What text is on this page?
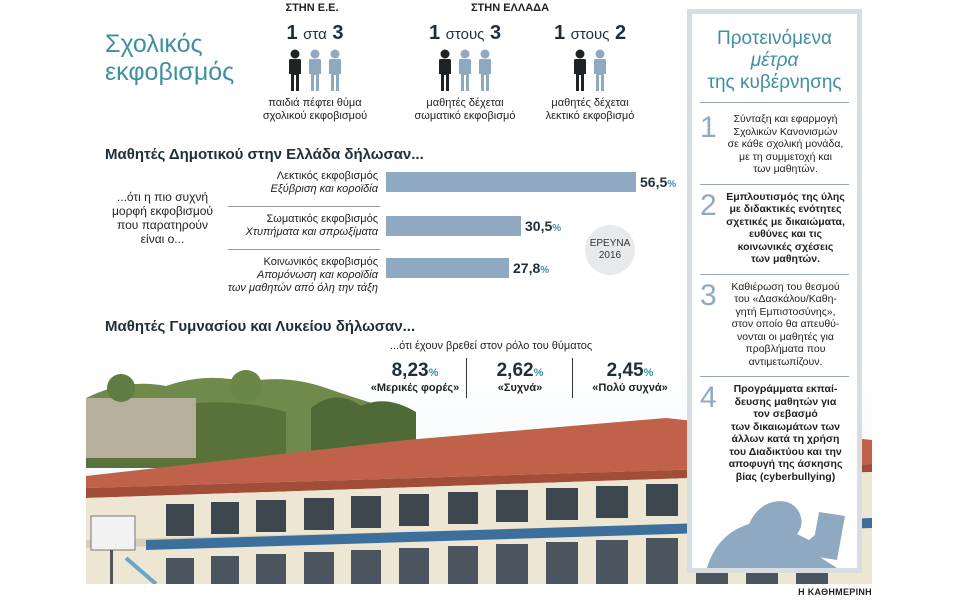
Σχολικός εκφοβισμός
ΣΤΗΝ Ε.Ε.	ΣΤΗΝ ΕΛΛΑΔΑ
1 στα 3
παιδιά πέφτει θύμα
σχολικού εκφοβισμού
1 στους 3
μαθητές δέχεται
σωματικό εκφοβισμό
1 στους 2
μαθητές δέχεται
λεκτικό εκφοβισμό
Μαθητές Δημοτικού στην Ελλάδα δήλωσαν...
...ότι η πιο συχνή
μορφή εκφοβισμού
που παρατηρούν
είναι ο...
Λεκτικός εκφοβισμός
Εξύβριση και κοροϊδία
Σωματικός εκφοβισμός
Χτυπήματα και σπρωξίματα
Κοινωνικός εκφοβισμός
Απομόνωση και κοροϊδία
των μαθητών από όλη την τάξη
56,5%
30,5%
27,8%
ΕΡΕΥΝΑ
2016
Μαθητές Γυμνασίου και Λυκείου δήλωσαν...
...ότι έχουν βρεθεί στον ρόλο του θύματος
8,23%
«Μερικές φορές»
2,62%
«Συχνά»
2,45%
«Πολύ συχνά»
Προτεινόμενα
μέτρα
της κυβέρνησης
1	Σύνταξη και εφαρμογή
Σχολικών Κανονισμών
σε κάθε σχολική μονάδα,
με τη συμμετοχή και
των μαθητών.
2 Εμπλουτισμός της ύλης
με διδακτικές ενότητες
σχετικές με δικαιώματα,
ευθύνες και τις
κοινωνικές σχέσεις
των μαθητών.
3	Καθιέρωση του θεσμού
του «Δασκάλου/Καθη-
γητή Εμπιστοσύνης»,
στον οποίο θα απευθύ-
νονται οι μαθητές για
προβλήματα που
αντιμετωπίζουν.
4	Προγράμματα εκπαί-
δευσης μαθητών για
τον σεβασμό
των δικαιωμάτων των
άλλων κατά τη χρήση
του Διαδικτύου και την
αποφυγή της άσκησης
βίας (cyberbullying)
Η ΚΑΘΗΜΕΡΙΝΗ
